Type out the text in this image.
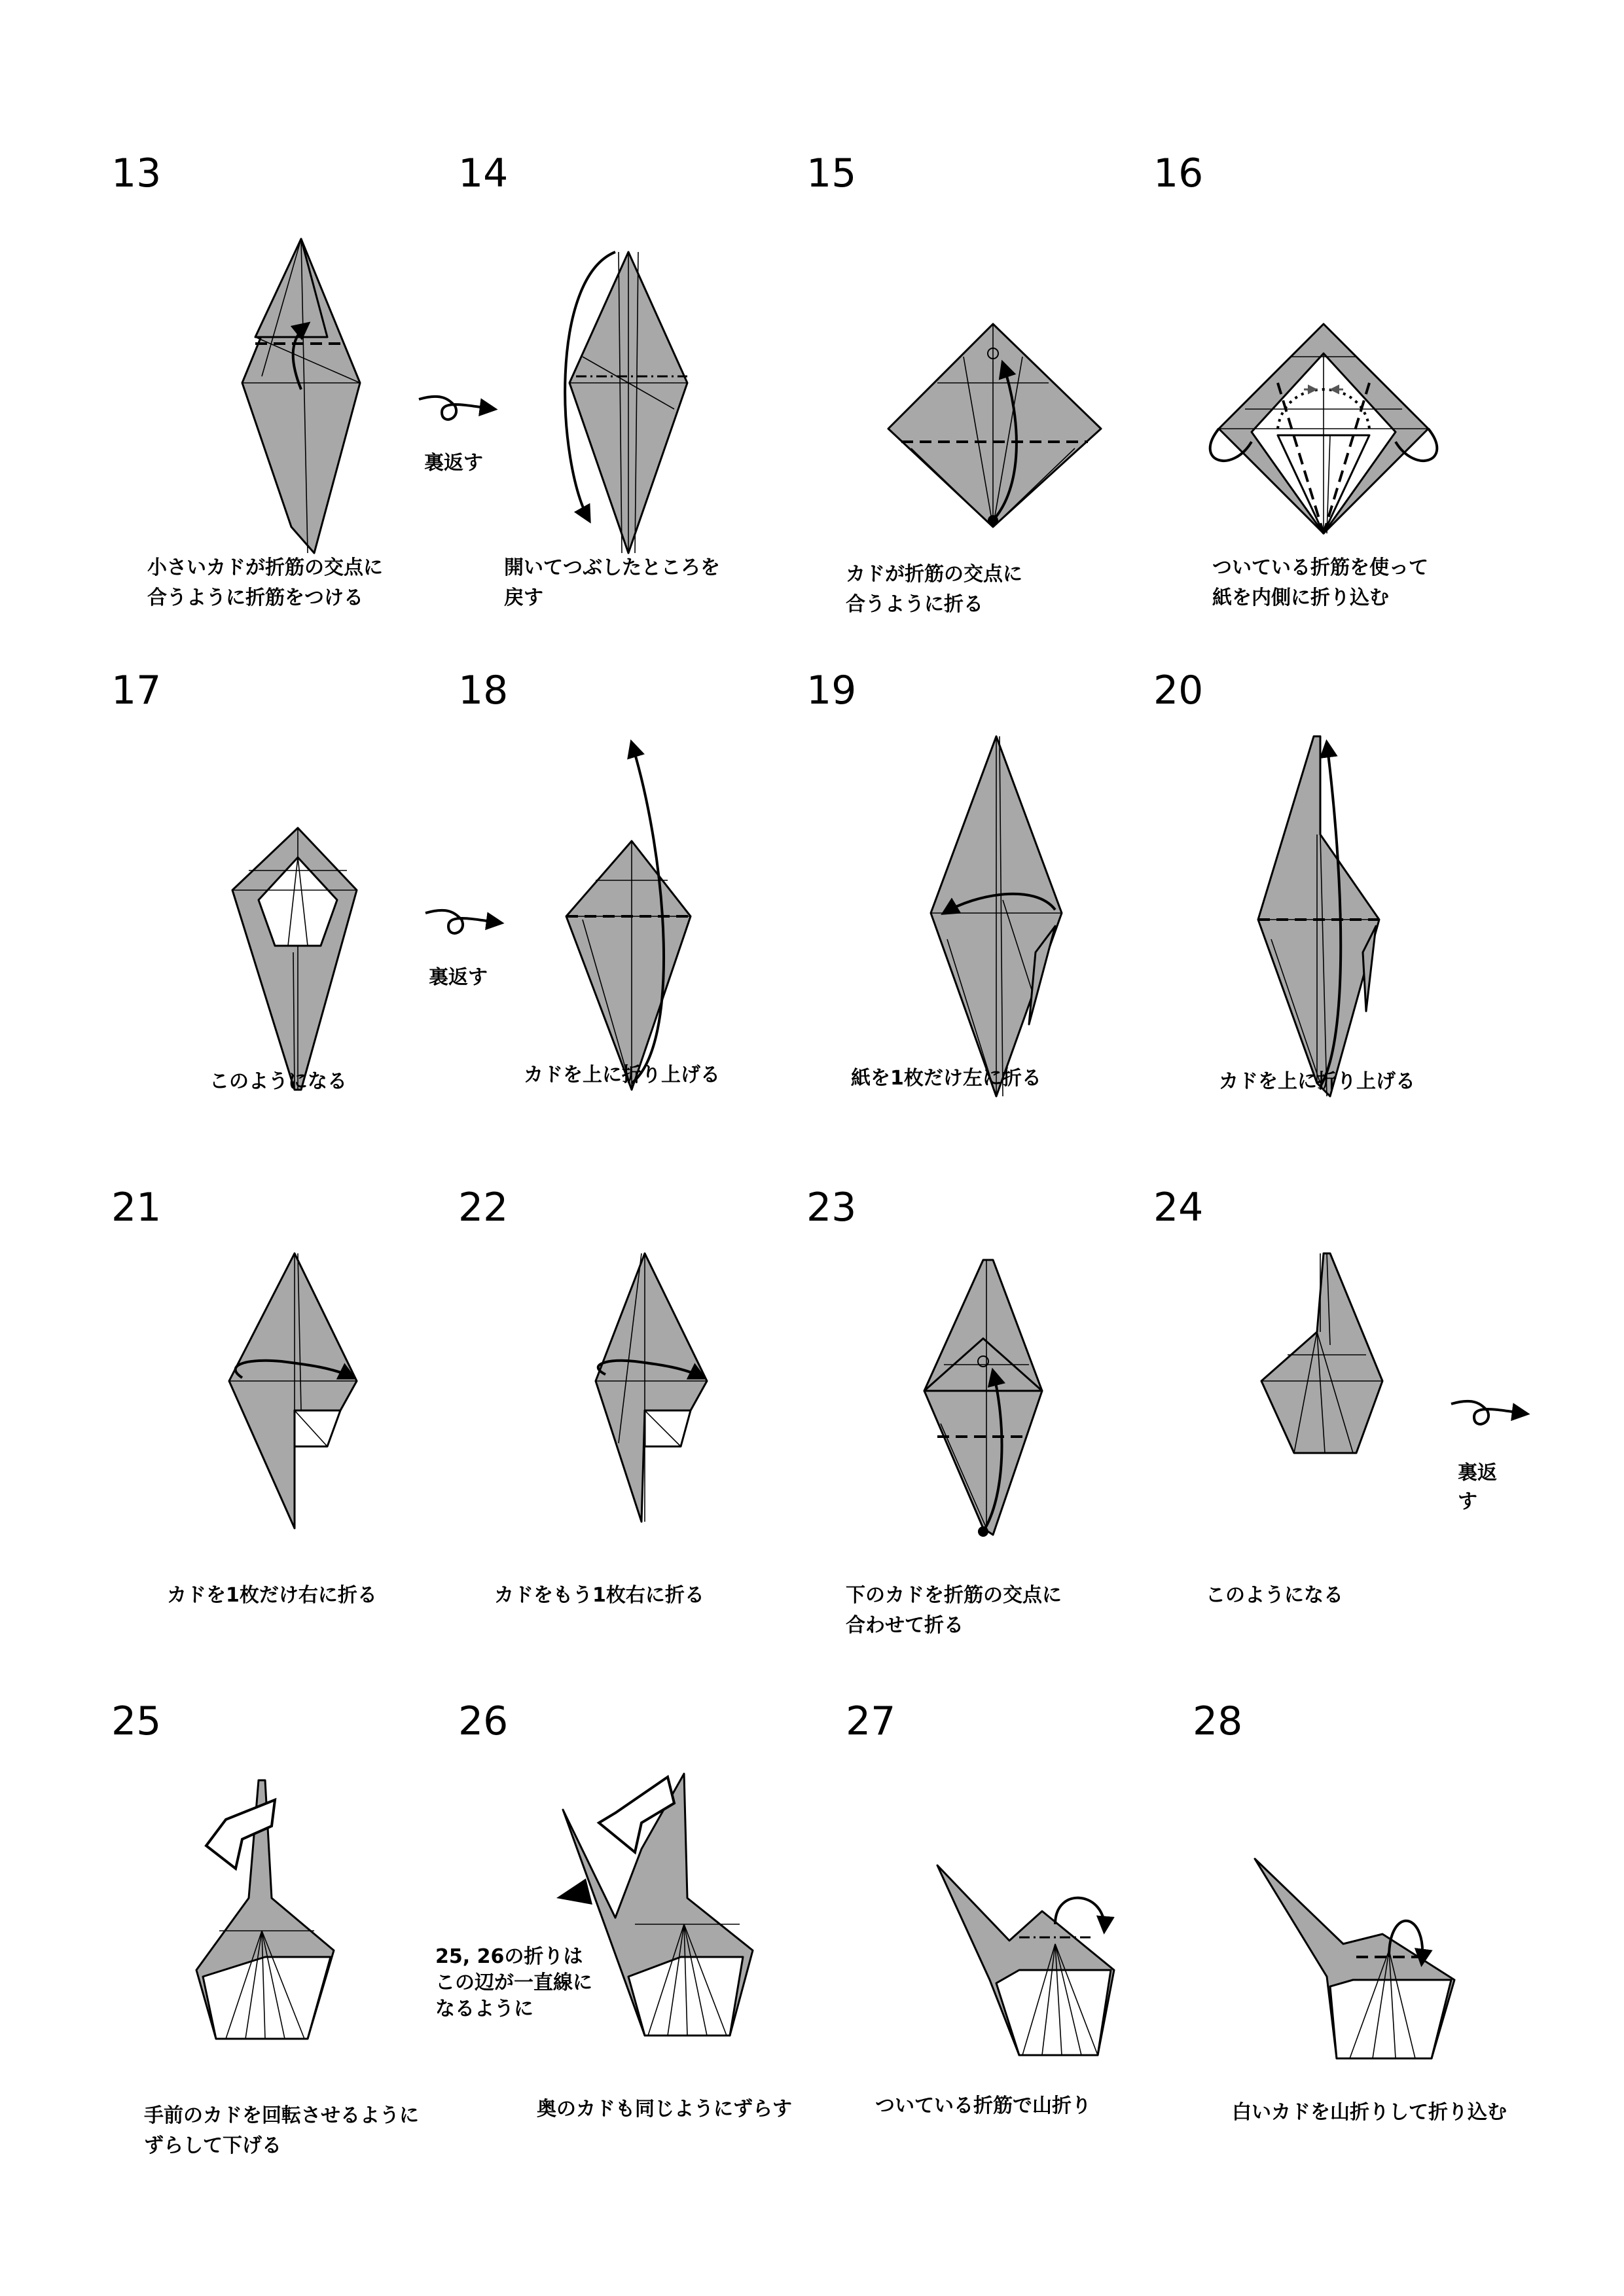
13
小さいカドが折筋の交点に
合うように折筋をつける
14
開いてつぶしたところを
戻す
15
カドが折筋の交点に
合うように折る
16
ついている折筋を使って
紙を内側に折り込む
裏返す
17
このようになる
裏返す
18
カドを上に折り上げる
19
紙を1枚だけ左に折る
20
カドを上に折り上げる
21
カドを1枚だけ右に折る
22
カドをもう1枚右に折る
23
下のカドを折筋の交点に
合わせて折る
24
裏返す
このようになる
25
手前のカドを回転させるように
ずらして下げる
26
25, 26の折りは
この辺が一直線に
なるように
奥のカドも同じようにずらす
27
ついている折筋で山折り
28
白いカドを山折りして折り込む
